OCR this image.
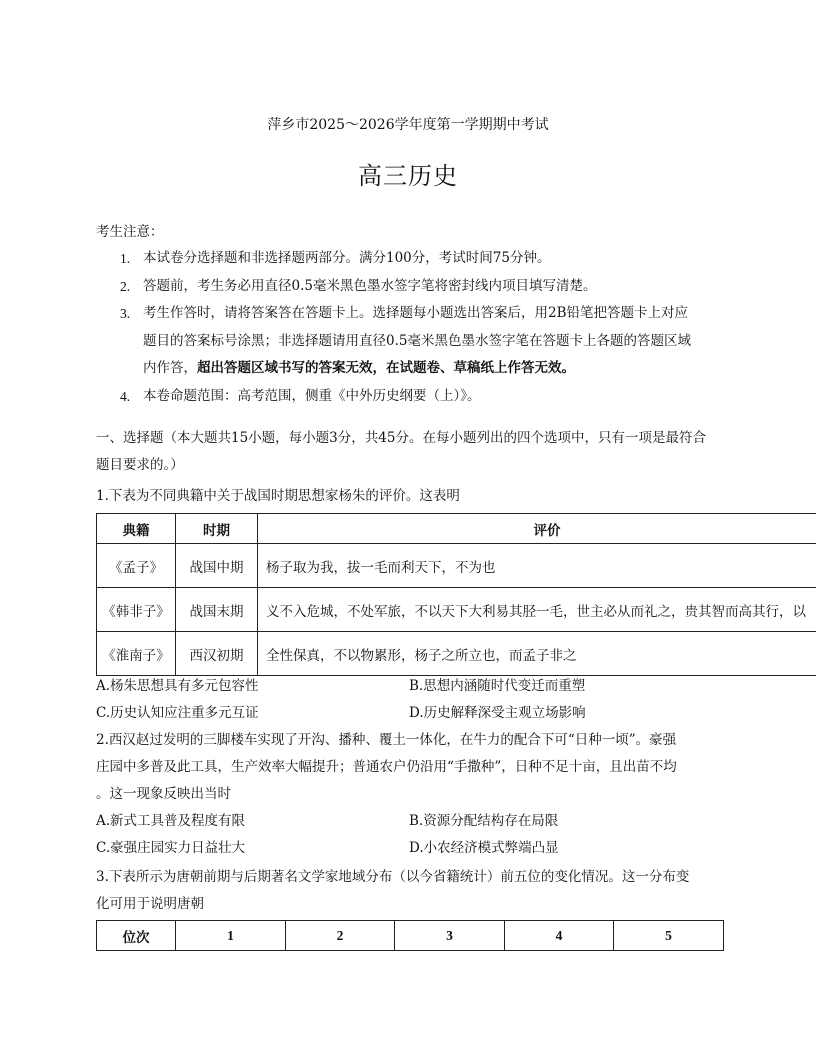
萍乡市2025～2026学年度第一学期期中考试
高三历史
考生注意：
1. 本试卷分选择题和非选择题两部分。满分100分，考试时间75分钟。
2. 答题前，考生务必用直径0.5毫米黑色墨水签字笔将密封线内项目填写清楚。
3. 考生作答时，请将答案答在答题卡上。选择题每小题选出答案后，用2B铅笔把答题卡上对应
题目的答案标号涂黑；非选择题请用直径0.5毫米黑色墨水签字笔在答题卡上各题的答题区域
内作答，超出答题区域书写的答案无效，在试题卷、草稿纸上作答无效。
4. 本卷命题范围：高考范围，侧重《中外历史纲要（上）》。
一、选择题（本大题共15小题，每小题3分，共45分。在每小题列出的四个选项中，只有一项是最符合
题目要求的。）
1.下表为不同典籍中关于战国时期思想家杨朱的评价。这表明
典籍	时期	评价
《孟子》	战国中期	杨子取为我，拔一毛而利天下，不为也
《韩非子》	战国末期	义不入危城，不处军旅，不以天下大利易其胫一毛，世主必从而礼之，贵其智而高其行，以
《淮南子》	西汉初期	全性保真，不以物累形，杨子之所立也，而孟子非之
A.杨朱思想具有多元包容性	B.思想内涵随时代变迁而重塑
C.历史认知应注重多元互证	D.历史解释深受主观立场影响
2.西汉赵过发明的三脚楼车实现了开沟、播种、覆土一体化，在牛力的配合下可“日种一顷”。豪强
庄园中多普及此工具，生产效率大幅提升；普通农户仍沿用“手撒种”，日种不足十亩，且出苗不均
。这一现象反映出当时
A.新式工具普及程度有限	B.资源分配结构存在局限
C.豪强庄园实力日益壮大	D.小农经济模式弊端凸显
3.下表所示为唐朝前期与后期著名文学家地域分布（以今省籍统计）前五位的变化情况。这一分布变
化可用于说明唐朝
位次	1	2	3	4	5
